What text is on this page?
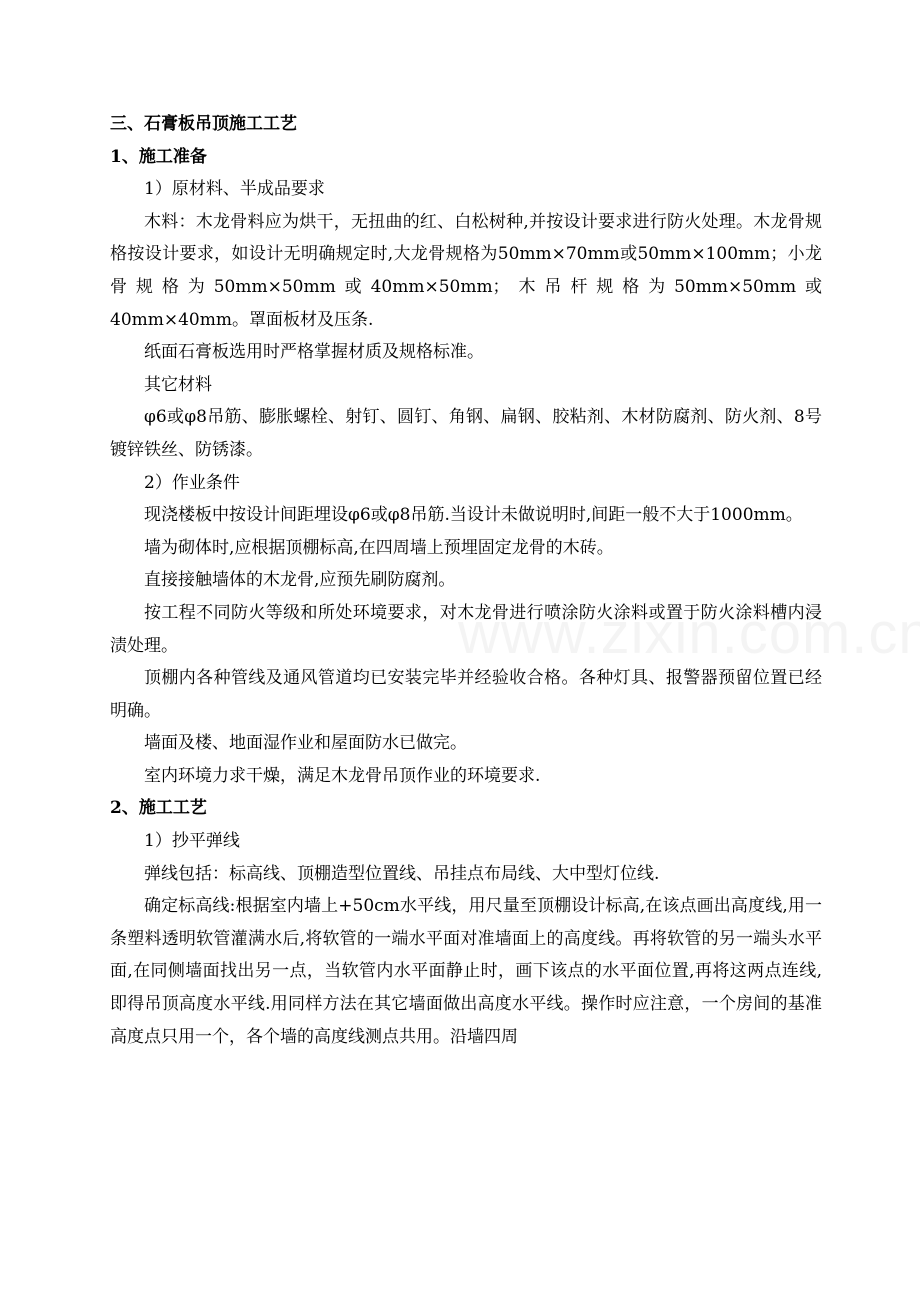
三、石膏板吊顶施工工艺
1、施工准备
1）原材料、半成品要求
木料：木龙骨料应为烘干，无扭曲的红、白松树种,并按设计要求进行防火处理。木龙骨规格按设计要求，如设计无明确规定时,大龙骨规格为50mm×70mm或50mm×100mm；小龙骨规格为50mm×50mm或40mm×50mm；木吊杆规格为50mm×50mm或40mm×40mm。罩面板材及压条.
纸面石膏板选用时严格掌握材质及规格标准。
其它材料
φ6或φ8吊筋、膨胀螺栓、射钉、圆钉、角钢、扁钢、胶粘剂、木材防腐剂、防火剂、8号镀锌铁丝、防锈漆。
2）作业条件
现浇楼板中按设计间距埋设φ6或φ8吊筋.当设计未做说明时,间距一般不大于1000mm。
墙为砌体时,应根据顶棚标高,在四周墙上预埋固定龙骨的木砖。
直接接触墙体的木龙骨,应预先刷防腐剂。
按工程不同防火等级和所处环境要求，对木龙骨进行喷涂防火涂料或置于防火涂料槽内浸渍处理。
顶棚内各种管线及通风管道均已安装完毕并经验收合格。各种灯具、报警器预留位置已经明确。
墙面及楼、地面湿作业和屋面防水已做完。
室内环境力求干燥，满足木龙骨吊顶作业的环境要求.
2、施工工艺
1）抄平弹线
弹线包括：标高线、顶棚造型位置线、吊挂点布局线、大中型灯位线.
确定标高线:根据室内墙上+50cm水平线，用尺量至顶棚设计标高,在该点画出高度线,用一条塑料透明软管灌满水后,将软管的一端水平面对准墙面上的高度线。再将软管的另一端头水平面,在同侧墙面找出另一点，当软管内水平面静止时，画下该点的水平面位置,再将这两点连线,即得吊顶高度水平线.用同样方法在其它墙面做出高度水平线。操作时应注意，一个房间的基准高度点只用一个，各个墙的高度线测点共用。沿墙四周
